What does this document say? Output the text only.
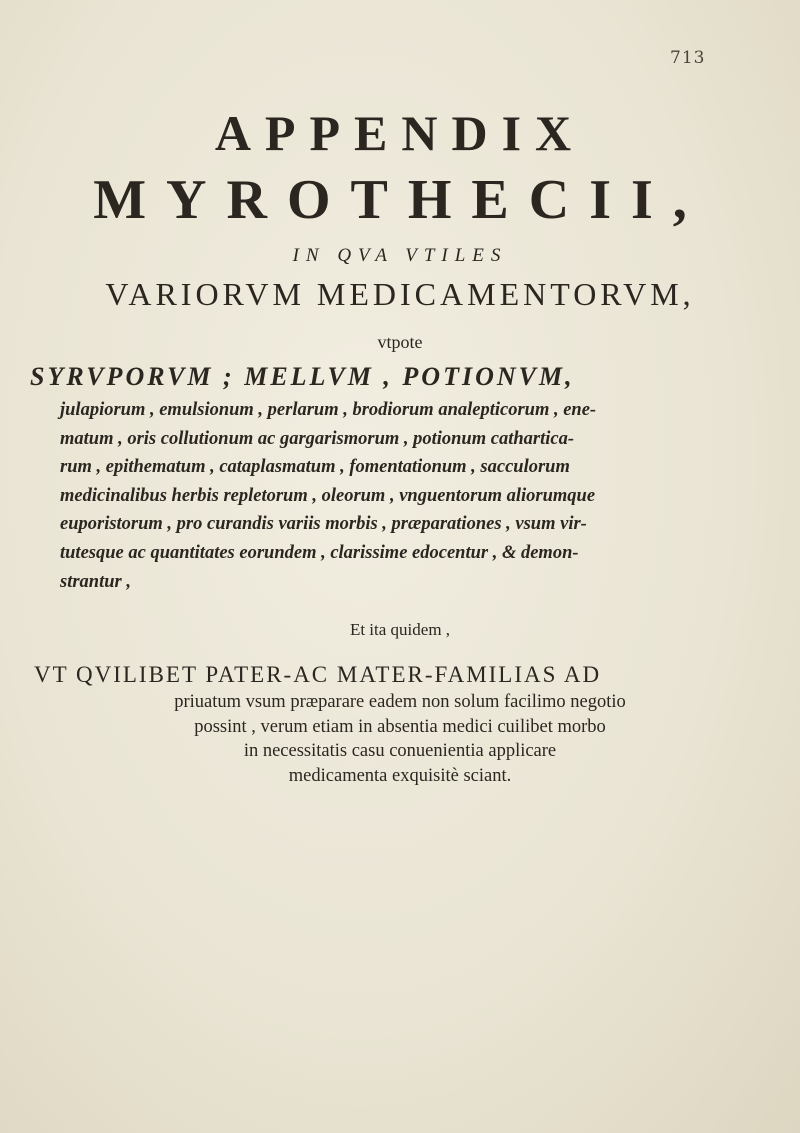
713
APPENDIX
MYROTHECII,
IN QVA VTILES
VARIORVM MEDICAMENTORVM,
vtpote
SYRVPORVM ; MELLVM , POTIONVM,
julapiorum , emulsionum , perlarum , brodiorum analepticorum , ene-
matum , oris collutionum ac gargarismorum , potionum cathartica-
rum , epithematum , cataplasmatum , fomentationum , sacculorum
medicinalibus herbis repletorum , oleorum , vnguentorum aliorumque
euporistorum , pro curandis variis morbis , præparationes , vsum vir-
tutesque ac quantitates eorundem , clarissime edocentur , & demon-
strantur ,
Et ita quidem ,
VT QVILIBET PATER-AC MATER-FAMILIAS AD
priuatum vsum præparare eadem non solum facilimo negotio
possint , verum etiam in absentia medici cuilibet morbo
in necessitatis casu conuenientia applicare
medicamenta exquisitè sciant.
